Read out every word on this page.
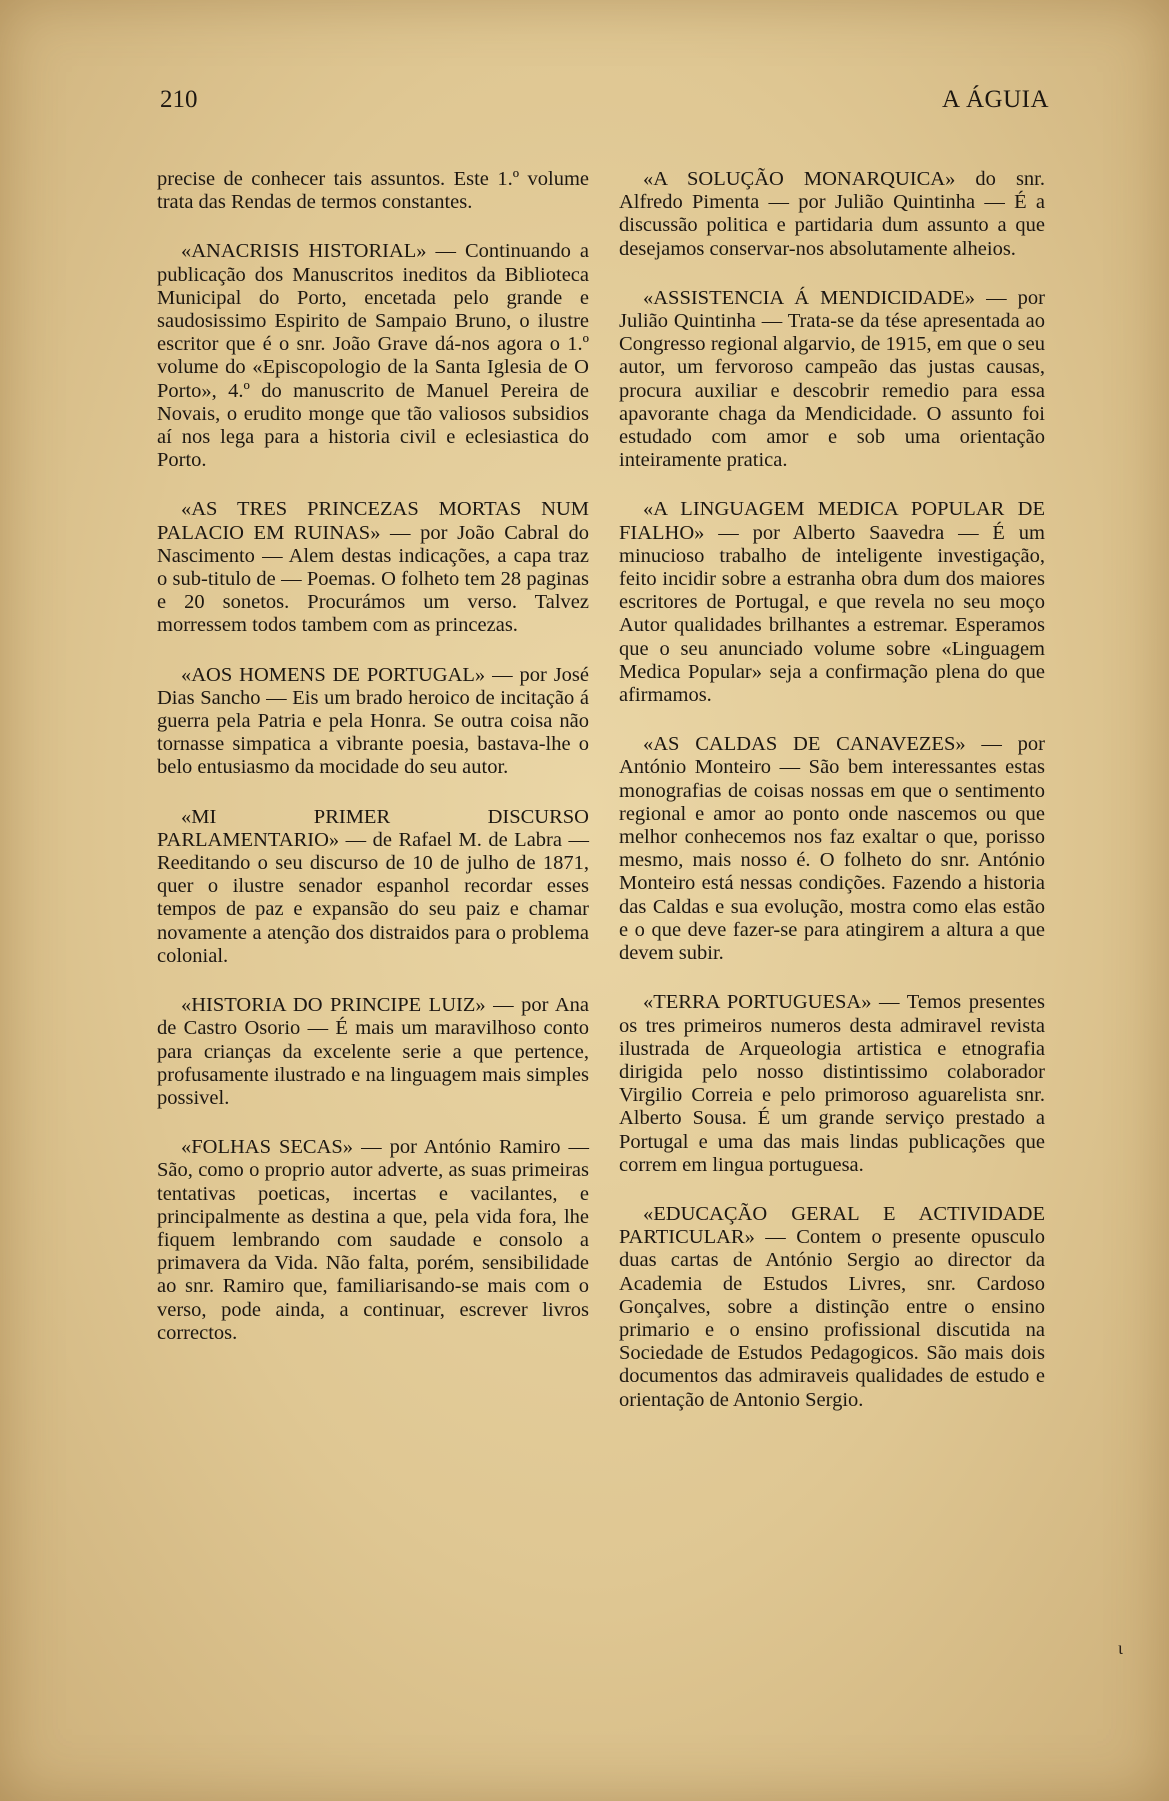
210	A ÁGUIA

precise de conhecer tais assuntos. Este 1.º volume trata das Rendas de termos constantes.

«ANACRISIS HISTORIAL» — Continuando a publicação dos Manuscritos ineditos da Biblioteca Municipal do Porto, encetada pelo grande e saudosissimo Espirito de Sampaio Bruno, o ilustre escritor que é o snr. João Grave dá-nos agora o 1.º volume do «Episcopologio de la Santa Iglesia de O Porto», 4.º do manuscrito de Manuel Pereira de Novais, o erudito monge que tão valiosos subsidios aí nos lega para a historia civil e eclesiastica do Porto.

«AS TRES PRINCEZAS MORTAS NUM PALACIO EM RUINAS» — por João Cabral do Nascimento — Alem destas indicações, a capa traz o sub-titulo de — Poemas. O folheto tem 28 paginas e 20 sonetos. Procurámos um verso. Talvez morressem todos tambem com as princezas.

«AOS HOMENS DE PORTUGAL» — por José Dias Sancho — Eis um brado heroico de incitação á guerra pela Patria e pela Honra. Se outra coisa não tornasse simpatica a vibrante poesia, bastava-lhe o belo entusiasmo da mocidade do seu autor.

«MI PRIMER DISCURSO PARLAMENTARIO» — de Rafael M. de Labra — Reeditando o seu discurso de 10 de julho de 1871, quer o ilustre senador espanhol recordar esses tempos de paz e expansão do seu paiz e chamar novamente a atenção dos distraidos para o problema colonial.

«HISTORIA DO PRINCIPE LUIZ» — por Ana de Castro Osorio — É mais um maravilhoso conto para crianças da excelente serie a que pertence, profusamente ilustrado e na linguagem mais simples possivel.

«FOLHAS SECAS» — por António Ramiro — São, como o proprio autor adverte, as suas primeiras tentativas poeticas, incertas e vacilantes, e principalmente as destina a que, pela vida fora, lhe fiquem lembrando com saudade e consolo a primavera da Vida. Não falta, porém, sensibilidade ao snr. Ramiro que, familiarisando-se mais com o verso, pode ainda, a continuar, escrever livros correctos.

«A SOLUÇÃO MONARQUICA» do snr. Alfredo Pimenta — por Julião Quintinha — É a discussão politica e partidaria dum assunto a que desejamos conservar-nos absolutamente alheios.

«ASSISTENCIA Á MENDICIDADE» — por Julião Quintinha — Trata-se da tése apresentada ao Congresso regional algarvio, de 1915, em que o seu autor, um fervoroso campeão das justas causas, procura auxiliar e descobrir remedio para essa apavorante chaga da Mendicidade. O assunto foi estudado com amor e sob uma orientação inteiramente pratica.

«A LINGUAGEM MEDICA POPULAR DE FIALHO» — por Alberto Saavedra — É um minucioso trabalho de inteligente investigação, feito incidir sobre a estranha obra dum dos maiores escritores de Portugal, e que revela no seu moço Autor qualidades brilhantes a estremar. Esperamos que o seu anunciado volume sobre «Linguagem Medica Popular» seja a confirmação plena do que afirmamos.

«AS CALDAS DE CANAVEZES» — por António Monteiro — São bem interessantes estas monografias de coisas nossas em que o sentimento regional e amor ao ponto onde nascemos ou que melhor conhecemos nos faz exaltar o que, porisso mesmo, mais nosso é. O folheto do snr. António Monteiro está nessas condições. Fazendo a historia das Caldas e sua evolução, mostra como elas estão e o que deve fazer-se para atingirem a altura a que devem subir.

«TERRA PORTUGUESA» — Temos presentes os tres primeiros numeros desta admiravel revista ilustrada de Arqueologia artistica e etnografia dirigida pelo nosso distintissimo colaborador Virgilio Correia e pelo primoroso aguarelista snr. Alberto Sousa. É um grande serviço prestado a Portugal e uma das mais lindas publicações que correm em lingua portuguesa.

«EDUCAÇÃO GERAL E ACTIVIDADE PARTICULAR» — Contem o presente opusculo duas cartas de António Sergio ao director da Academia de Estudos Livres, snr. Cardoso Gonçalves, sobre a distinção entre o ensino primario e o ensino profissional discutida na Sociedade de Estudos Pedagogicos. São mais dois documentos das admiraveis qualidades de estudo e orientação de Antonio Sergio.

ɩ
